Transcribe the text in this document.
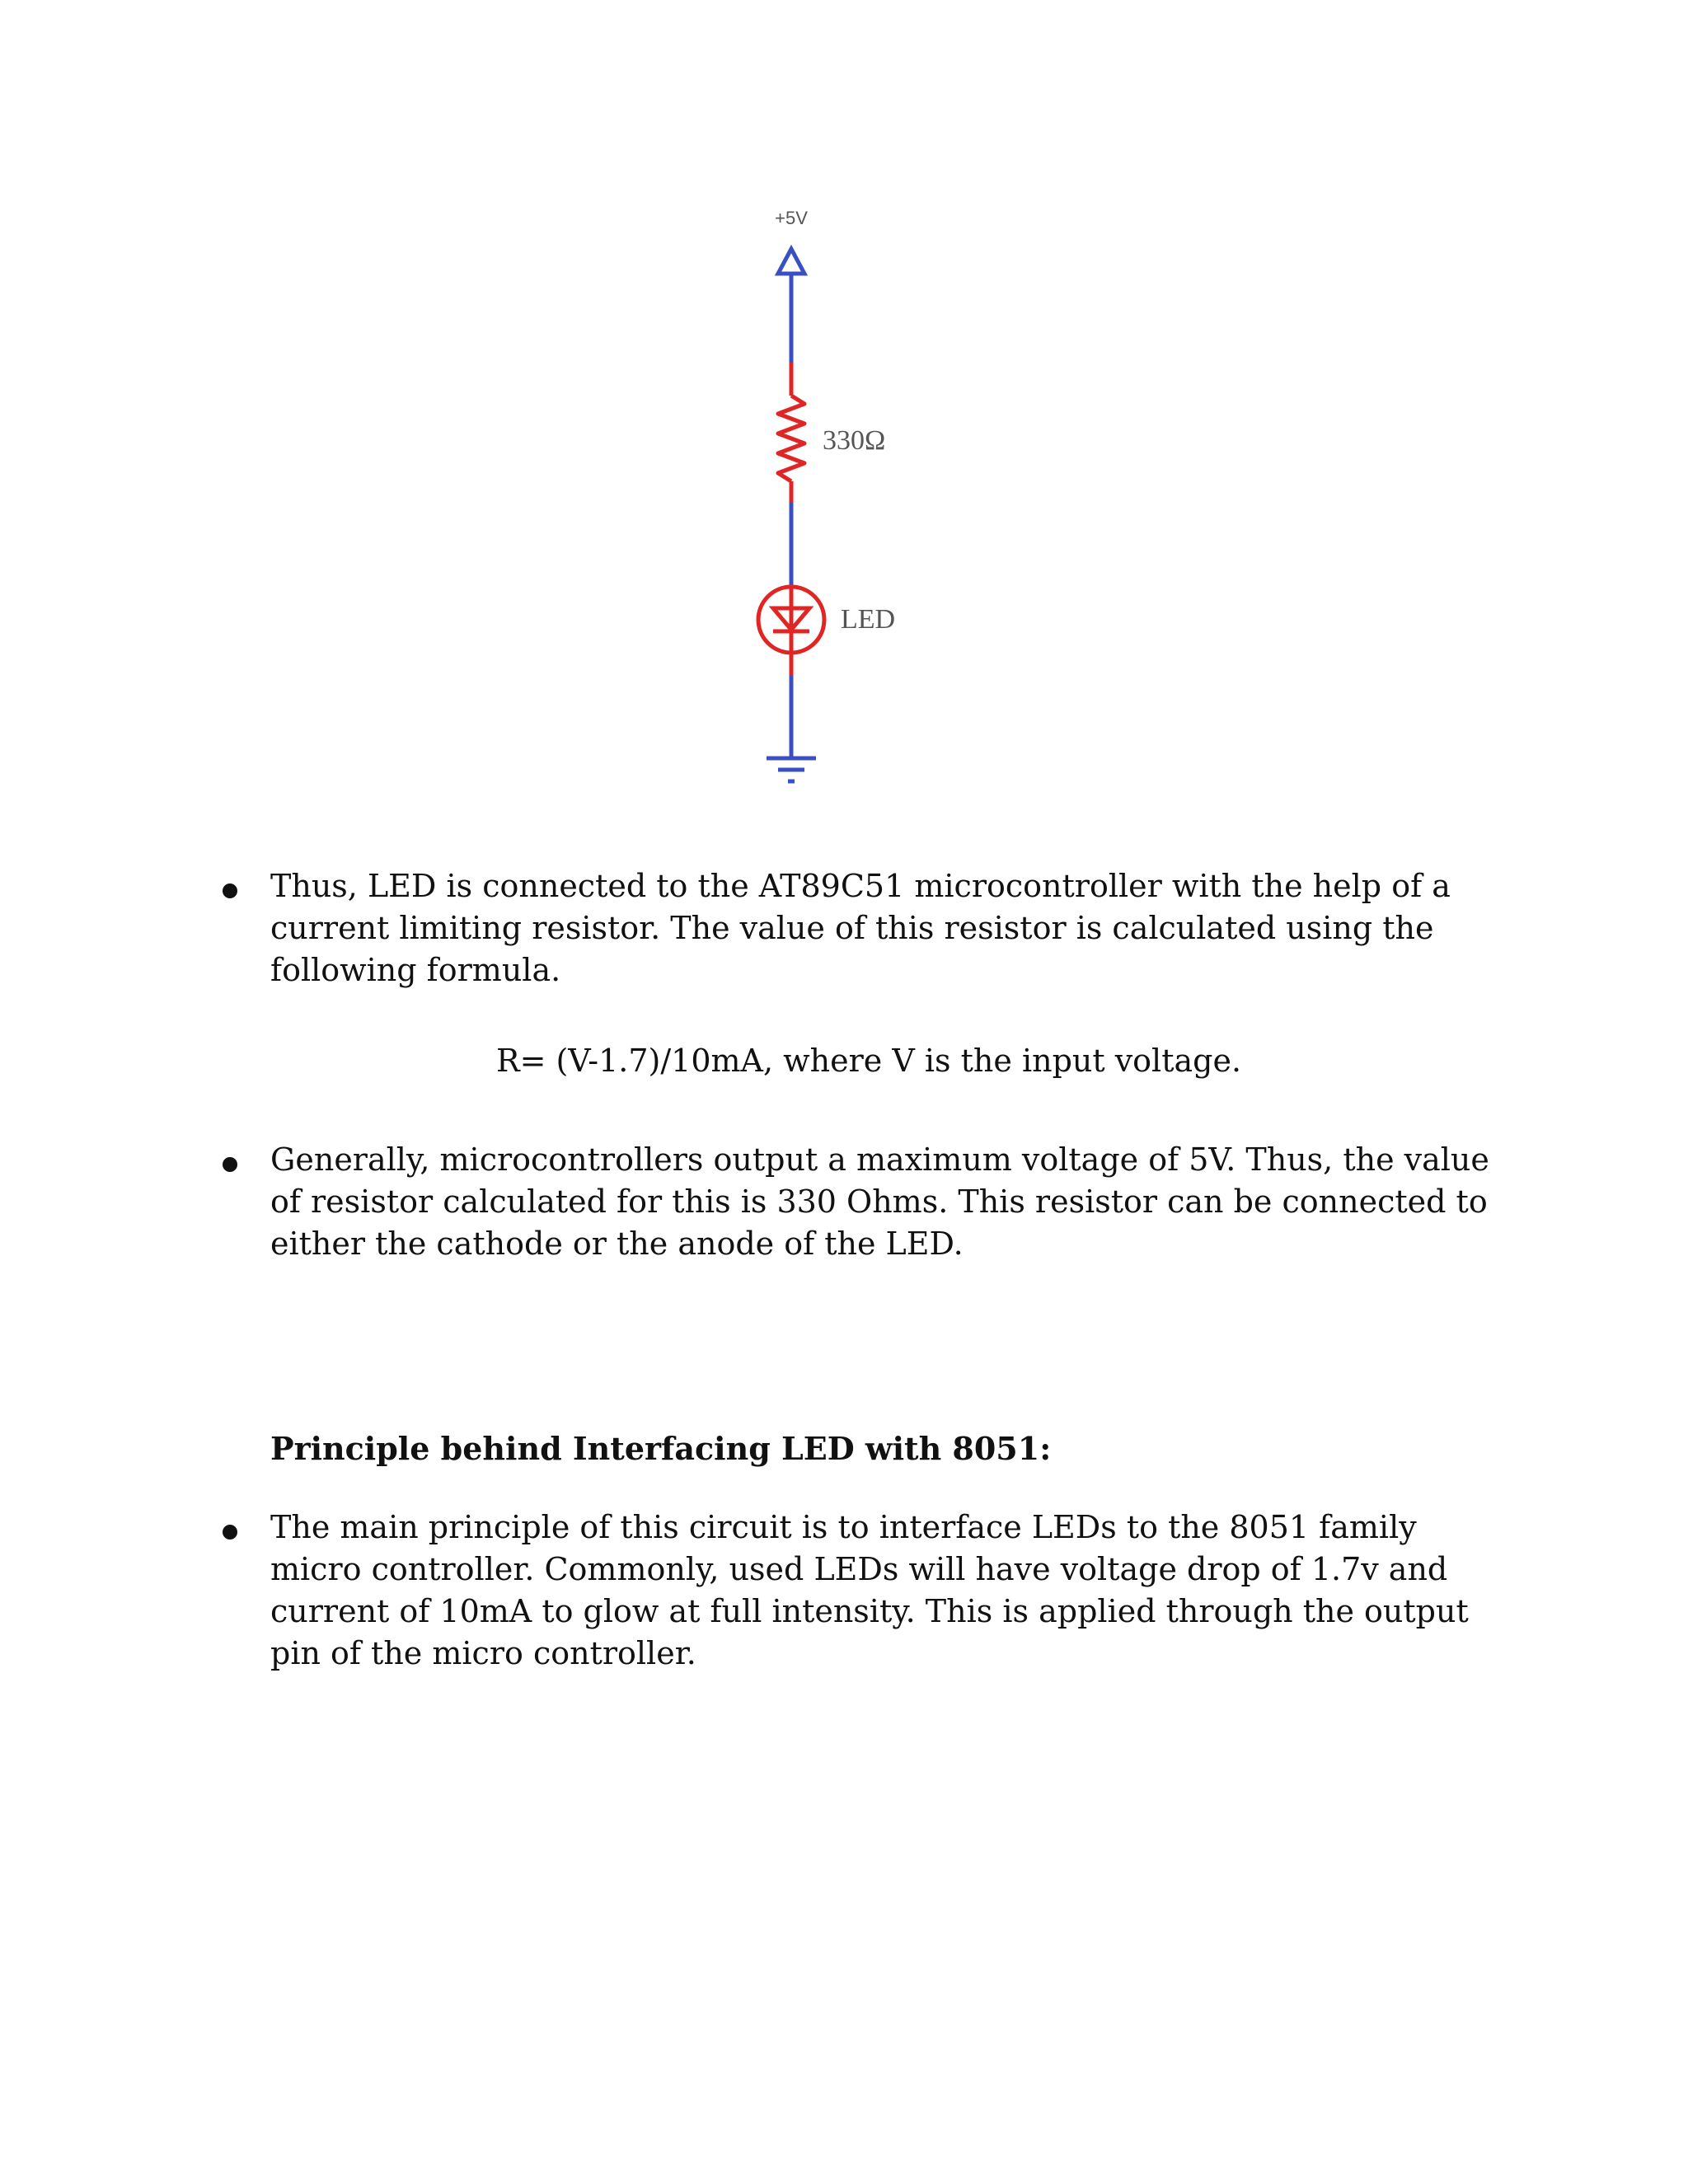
+5V
330Ω
LED

Thus, LED is connected to the AT89C51 microcontroller with the help of a current limiting resistor. The value of this resistor is calculated using the following formula.

R= (V-1.7)/10mA, where V is the input voltage.

Generally, microcontrollers output a maximum voltage of 5V. Thus, the value of resistor calculated for this is 330 Ohms. This resistor can be connected to either the cathode or the anode of the LED.

Principle behind Interfacing LED with 8051:

The main principle of this circuit is to interface LEDs to the 8051 family micro controller. Commonly, used LEDs will have voltage drop of 1.7v and current of 10mA to glow at full intensity. This is applied through the output pin of the micro controller.
